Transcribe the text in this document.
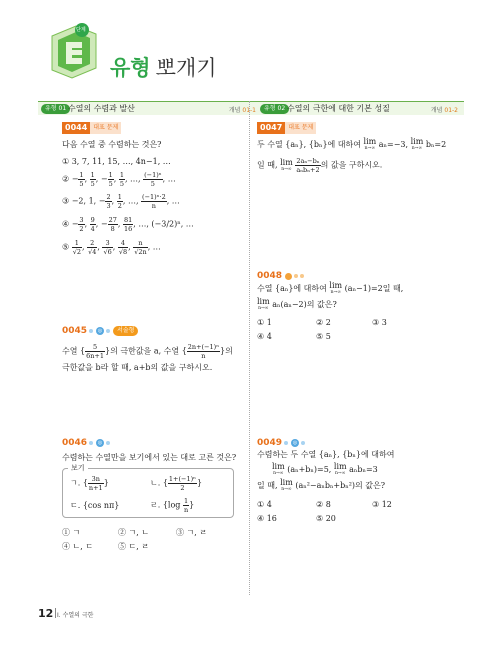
단계
유형 뽀개기
유형 01 수열의 수렴과 발산	개념 01-1	유형 02 수열의 극한에 대한 기본 성질	개념 01-2
0044	대표 문제
다음 수열 중 수렴하는 것은?
① 3, 7, 11, 15, …, 4n−1, …
② − $\frac{1}{5}$ , $\frac{1}{5}$ , − $\frac{1}{5}$ , $\frac{1}{5}$ , …, $\frac{\text{(−1)ⁿ}}{5}$ , …
③ −2, 1, − $\frac{2}{3}$ , $\frac{1}{2}$ , …, $\frac{\text{(−1)ⁿ·2}}{n}$ , …
④ − $\frac{3}{2}$ , $\frac{9}{4}$ , − $\frac{27}{8}$ , $\frac{81}{16}$ , …, (−3/2)ⁿ, …
⑤ $\frac{1}{√2}$ , $\frac{2}{√4}$ , $\frac{3}{√6}$ , $\frac{4}{√8}$ , $\frac{n}{√2n}$ , …
0045	◎	서술형
수열 { $\frac{5}{6n+1}$ }의 극한값을 a, 수열 { $\frac{\text{2n+(−1)ⁿ}}{n}$ }의
극한값을 b라 할 때, a+b의 값을 구하시오.
0046	◎
수렴하는 수열만을 보기에서 있는 대로 고른 것은?
보기
ㄱ. { $\frac{3n}{n+1}$ }	ㄴ. { $\frac{\text{1+(−1)ⁿ}}{2}$ }
ㄷ. {cos nπ}	ㄹ. {$\log \frac{1}{n}$ }
① ㄱ	② ㄱ, ㄴ	③ ㄱ, ㄹ
④ ㄴ, ㄷ	⑤ ㄷ, ㄹ
0047	대표 문제
두 수열 {aₙ}, {bₙ}에 대하여 lim
n→∞ aₙ=−3, lim
n→∞ bₙ=2
일 때, lim
n→∞
$\frac{\text{2aₙ−bₙ}}{\text{aₙbₙ+2}}$ 의 값을 구하시오.
0048
수열 {aₙ}에 대하여 lim
n→∞ (aₙ−1)=2일 때,
lim
n→∞ aₙ(aₙ−2)의 값은?
① 1	② 2	③ 3
④ 4	⑤ 5
0049	◎
수렴하는 두 수열 {aₙ}, {bₙ}에 대하여
lim
n→∞ (aₙ+bₙ)=5, lim
n→∞ aₙbₙ=3
일 때, lim
n→∞ (aₙ²−aₙbₙ+bₙ²)의 값은?
① 4	② 8	③ 12
④ 16	⑤ 20
12 Ⅰ. 수열의 극한
